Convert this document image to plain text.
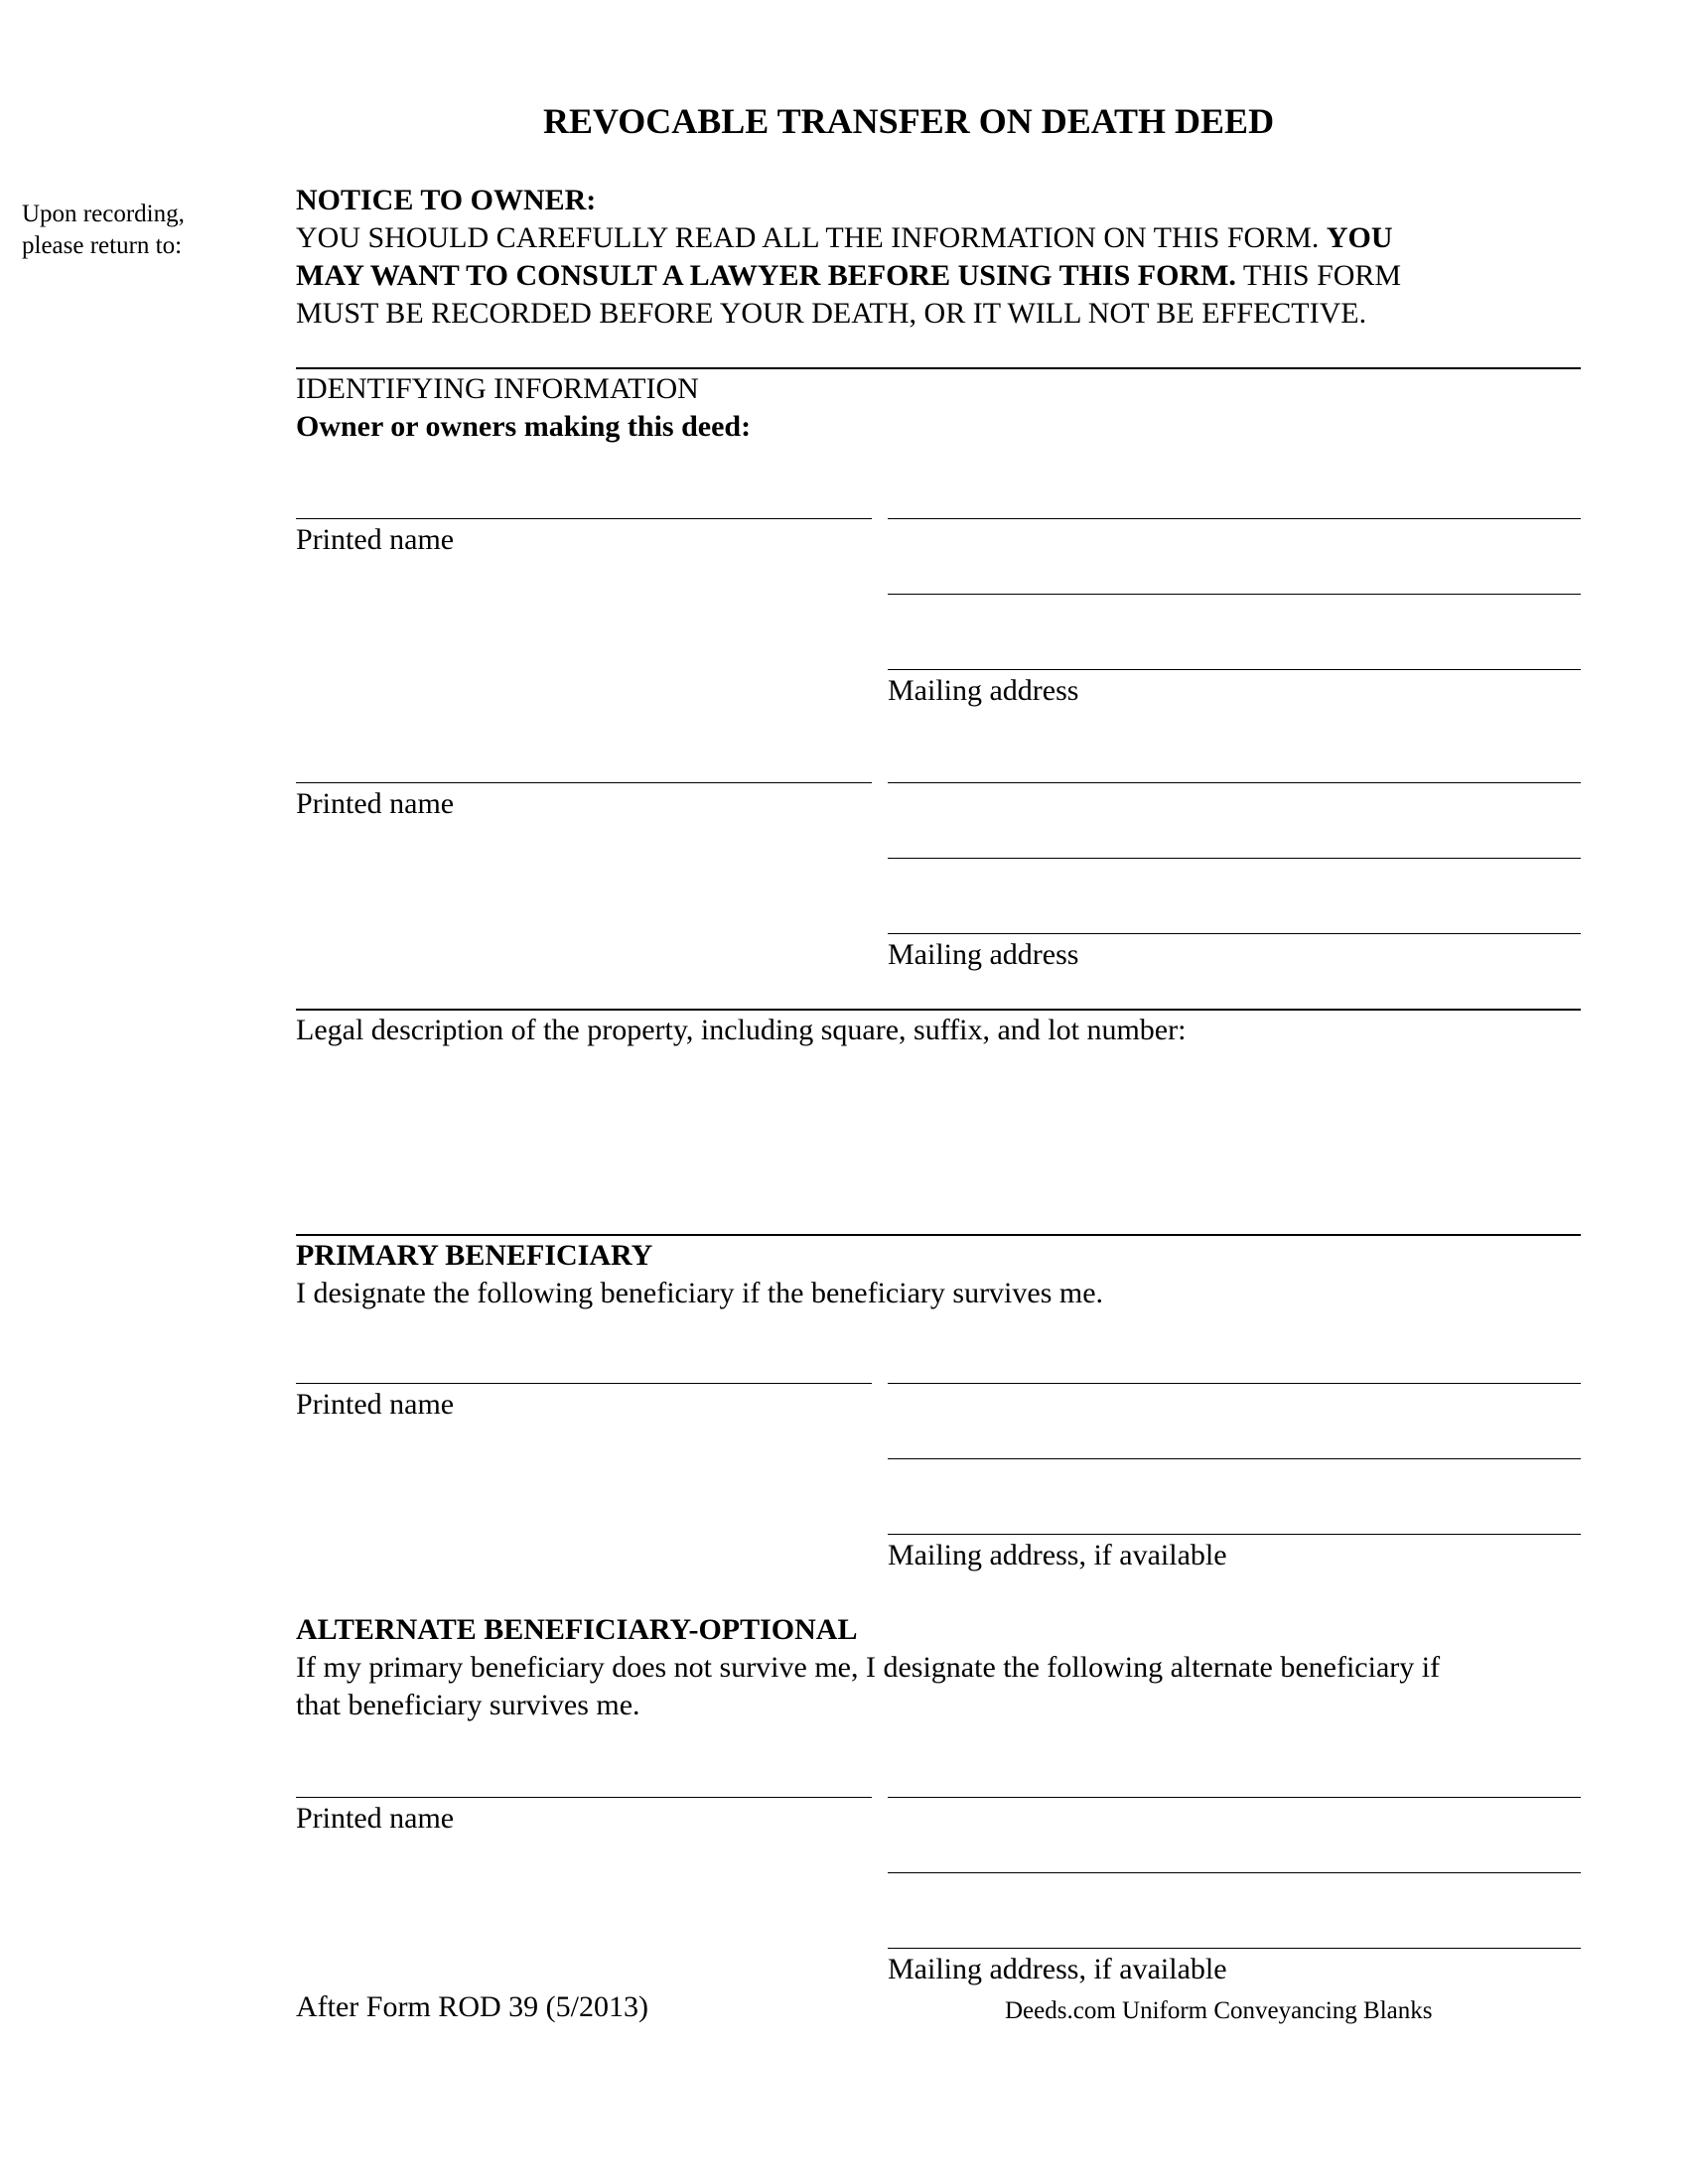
REVOCABLE TRANSFER ON DEATH DEED
Upon recording,
please return to:
NOTICE TO OWNER:
YOU SHOULD CAREFULLY READ ALL THE INFORMATION ON THIS FORM. YOU
MAY WANT TO CONSULT A LAWYER BEFORE USING THIS FORM. THIS FORM
MUST BE RECORDED BEFORE YOUR DEATH, OR IT WILL NOT BE EFFECTIVE.
IDENTIFYING INFORMATION
Owner or owners making this deed:
Printed name
Mailing address
Printed name
Mailing address
Legal description of the property, including square, suffix, and lot number:
PRIMARY BENEFICIARY
I designate the following beneficiary if the beneficiary survives me.
Printed name
Mailing address, if available
ALTERNATE BENEFICIARY-OPTIONAL
If my primary beneficiary does not survive me, I designate the following alternate beneficiary if
that beneficiary survives me.
Printed name
Mailing address, if available
After Form ROD 39 (5/2013)	Deeds.com Uniform Conveyancing Blanks
